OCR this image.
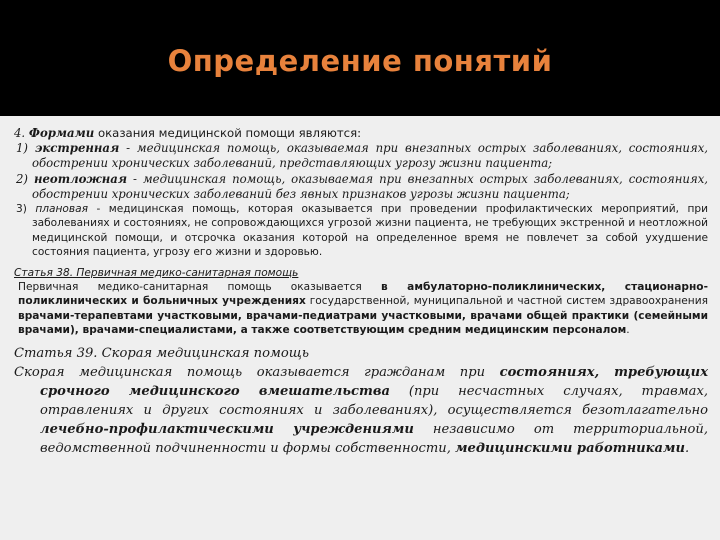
Определение понятий
4. Формами оказания медицинской помощи являются:
1) экстренная - медицинская помощь, оказываемая при внезапных острых заболеваниях, состояниях, обострении хронических заболеваний, представляющих угрозу жизни пациента;
2) неотложная - медицинская помощь, оказываемая при внезапных острых заболеваниях, состояниях, обострении хронических заболеваний без явных признаков угрозы жизни пациента;
3) плановая - медицинская помощь, которая оказывается при проведении профилактических мероприятий, при заболеваниях и состояниях, не сопровождающихся угрозой жизни пациента, не требующих экстренной и неотложной медицинской помощи, и отсрочка оказания которой на определенное время не повлечет за собой ухудшение состояния пациента, угрозу его жизни и здоровью.
Статья 38. Первичная медико-санитарная помощь
Первичная медико-санитарная помощь оказывается в амбулаторно-поликлинических, стационарно-поликлинических и больничных учреждениях государственной, муниципальной и частной систем здравоохранения врачами-терапевтами участковыми, врачами-педиатрами участковыми, врачами общей практики (семейными врачами), врачами-специалистами, а также соответствующим средним медицинским персоналом.
Статья 39. Скорая медицинская помощь
Скорая медицинская помощь оказывается гражданам при состояниях, требующих срочного медицинского вмешательства (при несчастных случаях, травмах, отравлениях и других состояниях и заболеваниях), осуществляется безотлагательно лечебно-профилактическими учреждениями независимо от территориальной, ведомственной подчиненности и формы собственности, медицинскими работниками.
